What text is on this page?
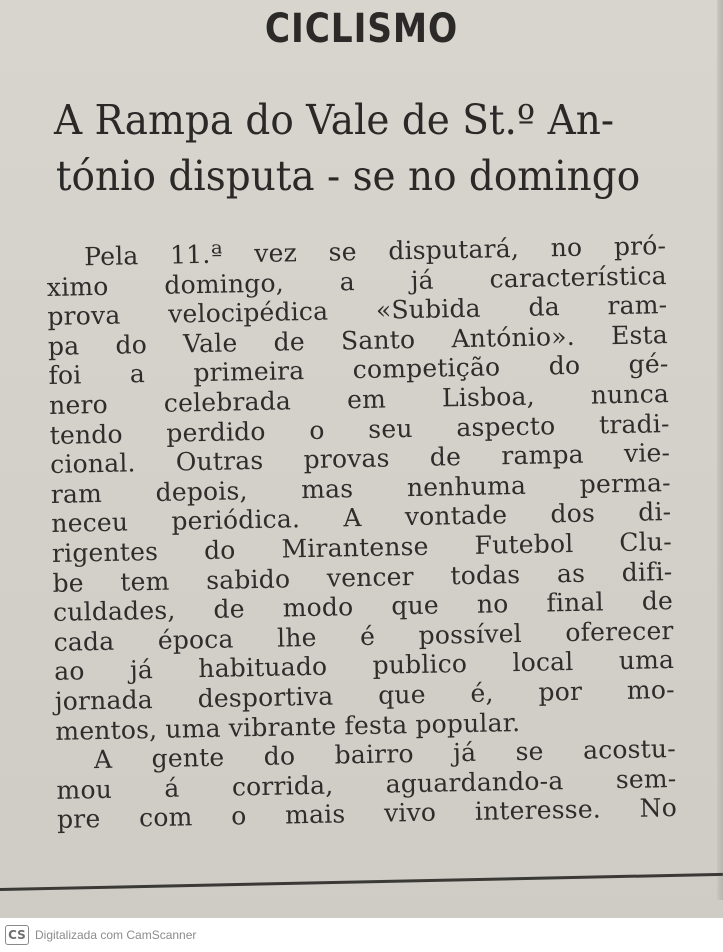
CICLISMO
A Rampa do Vale de St.º An-
tónio disputa - se no domingo
Pela 11.ª vez se disputará, no pró-
ximo domingo, a já característica
prova velocipédica «Subida da ram-
pa do Vale de Santo António». Esta
foi a primeira competição do gé-
nero celebrada em Lisboa, nunca
tendo perdido o seu aspecto tradi-
cional. Outras provas de rampa vie-
ram depois, mas nenhuma perma-
neceu periódica. A vontade dos di-
rigentes do Mirantense Futebol Clu-
be tem sabido vencer todas as difi-
culdades, de modo que no final de
cada época lhe é possível oferecer
ao já habituado publico local uma
jornada desportiva que é, por mo-
mentos, uma vibrante festa popular.
A gente do bairro já se acostu-
mou á corrida, aguardando-a sem-
pre com o mais vivo interesse. No
CS Digitalizada com CamScanner
